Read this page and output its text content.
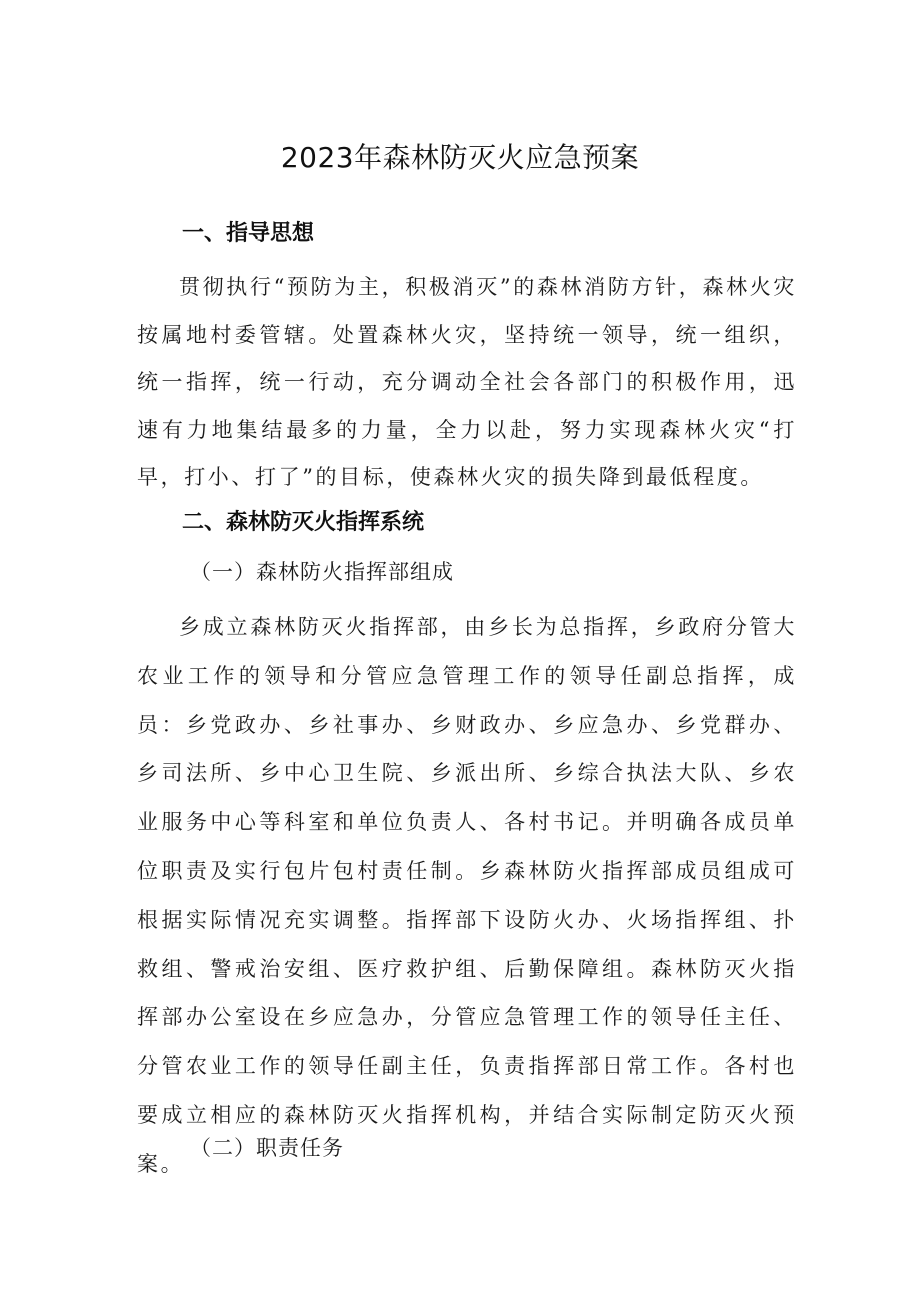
2023年森林防灭火应急预案
一、指导思想
贯彻执行“预防为主，积极消灭”的森林消防方针，森林火灾按属地村委管辖。处置森林火灾，坚持统一领导，统一组织，统一指挥，统一行动，充分调动全社会各部门的积极作用，迅速有力地集结最多的力量，全力以赴，努力实现森林火灾“打早，打小、打了”的目标，使森林火灾的损失降到最低程度。
二、森林防灭火指挥系统
（一）森林防火指挥部组成
乡成立森林防灭火指挥部，由乡长为总指挥，乡政府分管大农业工作的领导和分管应急管理工作的领导任副总指挥，成员：乡党政办、乡社事办、乡财政办、乡应急办、乡党群办、乡司法所、乡中心卫生院、乡派出所、乡综合执法大队、乡农业服务中心等科室和单位负责人、各村书记。并明确各成员单位职责及实行包片包村责任制。乡森林防火指挥部成员组成可根据实际情况充实调整。指挥部下设防火办、火场指挥组、扑救组、警戒治安组、医疗救护组、后勤保障组。森林防灭火指挥部办公室设在乡应急办，分管应急管理工作的领导任主任、分管农业工作的领导任副主任，负责指挥部日常工作。各村也要成立相应的森林防灭火指挥机构，并结合实际制定防灭火预案。
（二）职责任务
